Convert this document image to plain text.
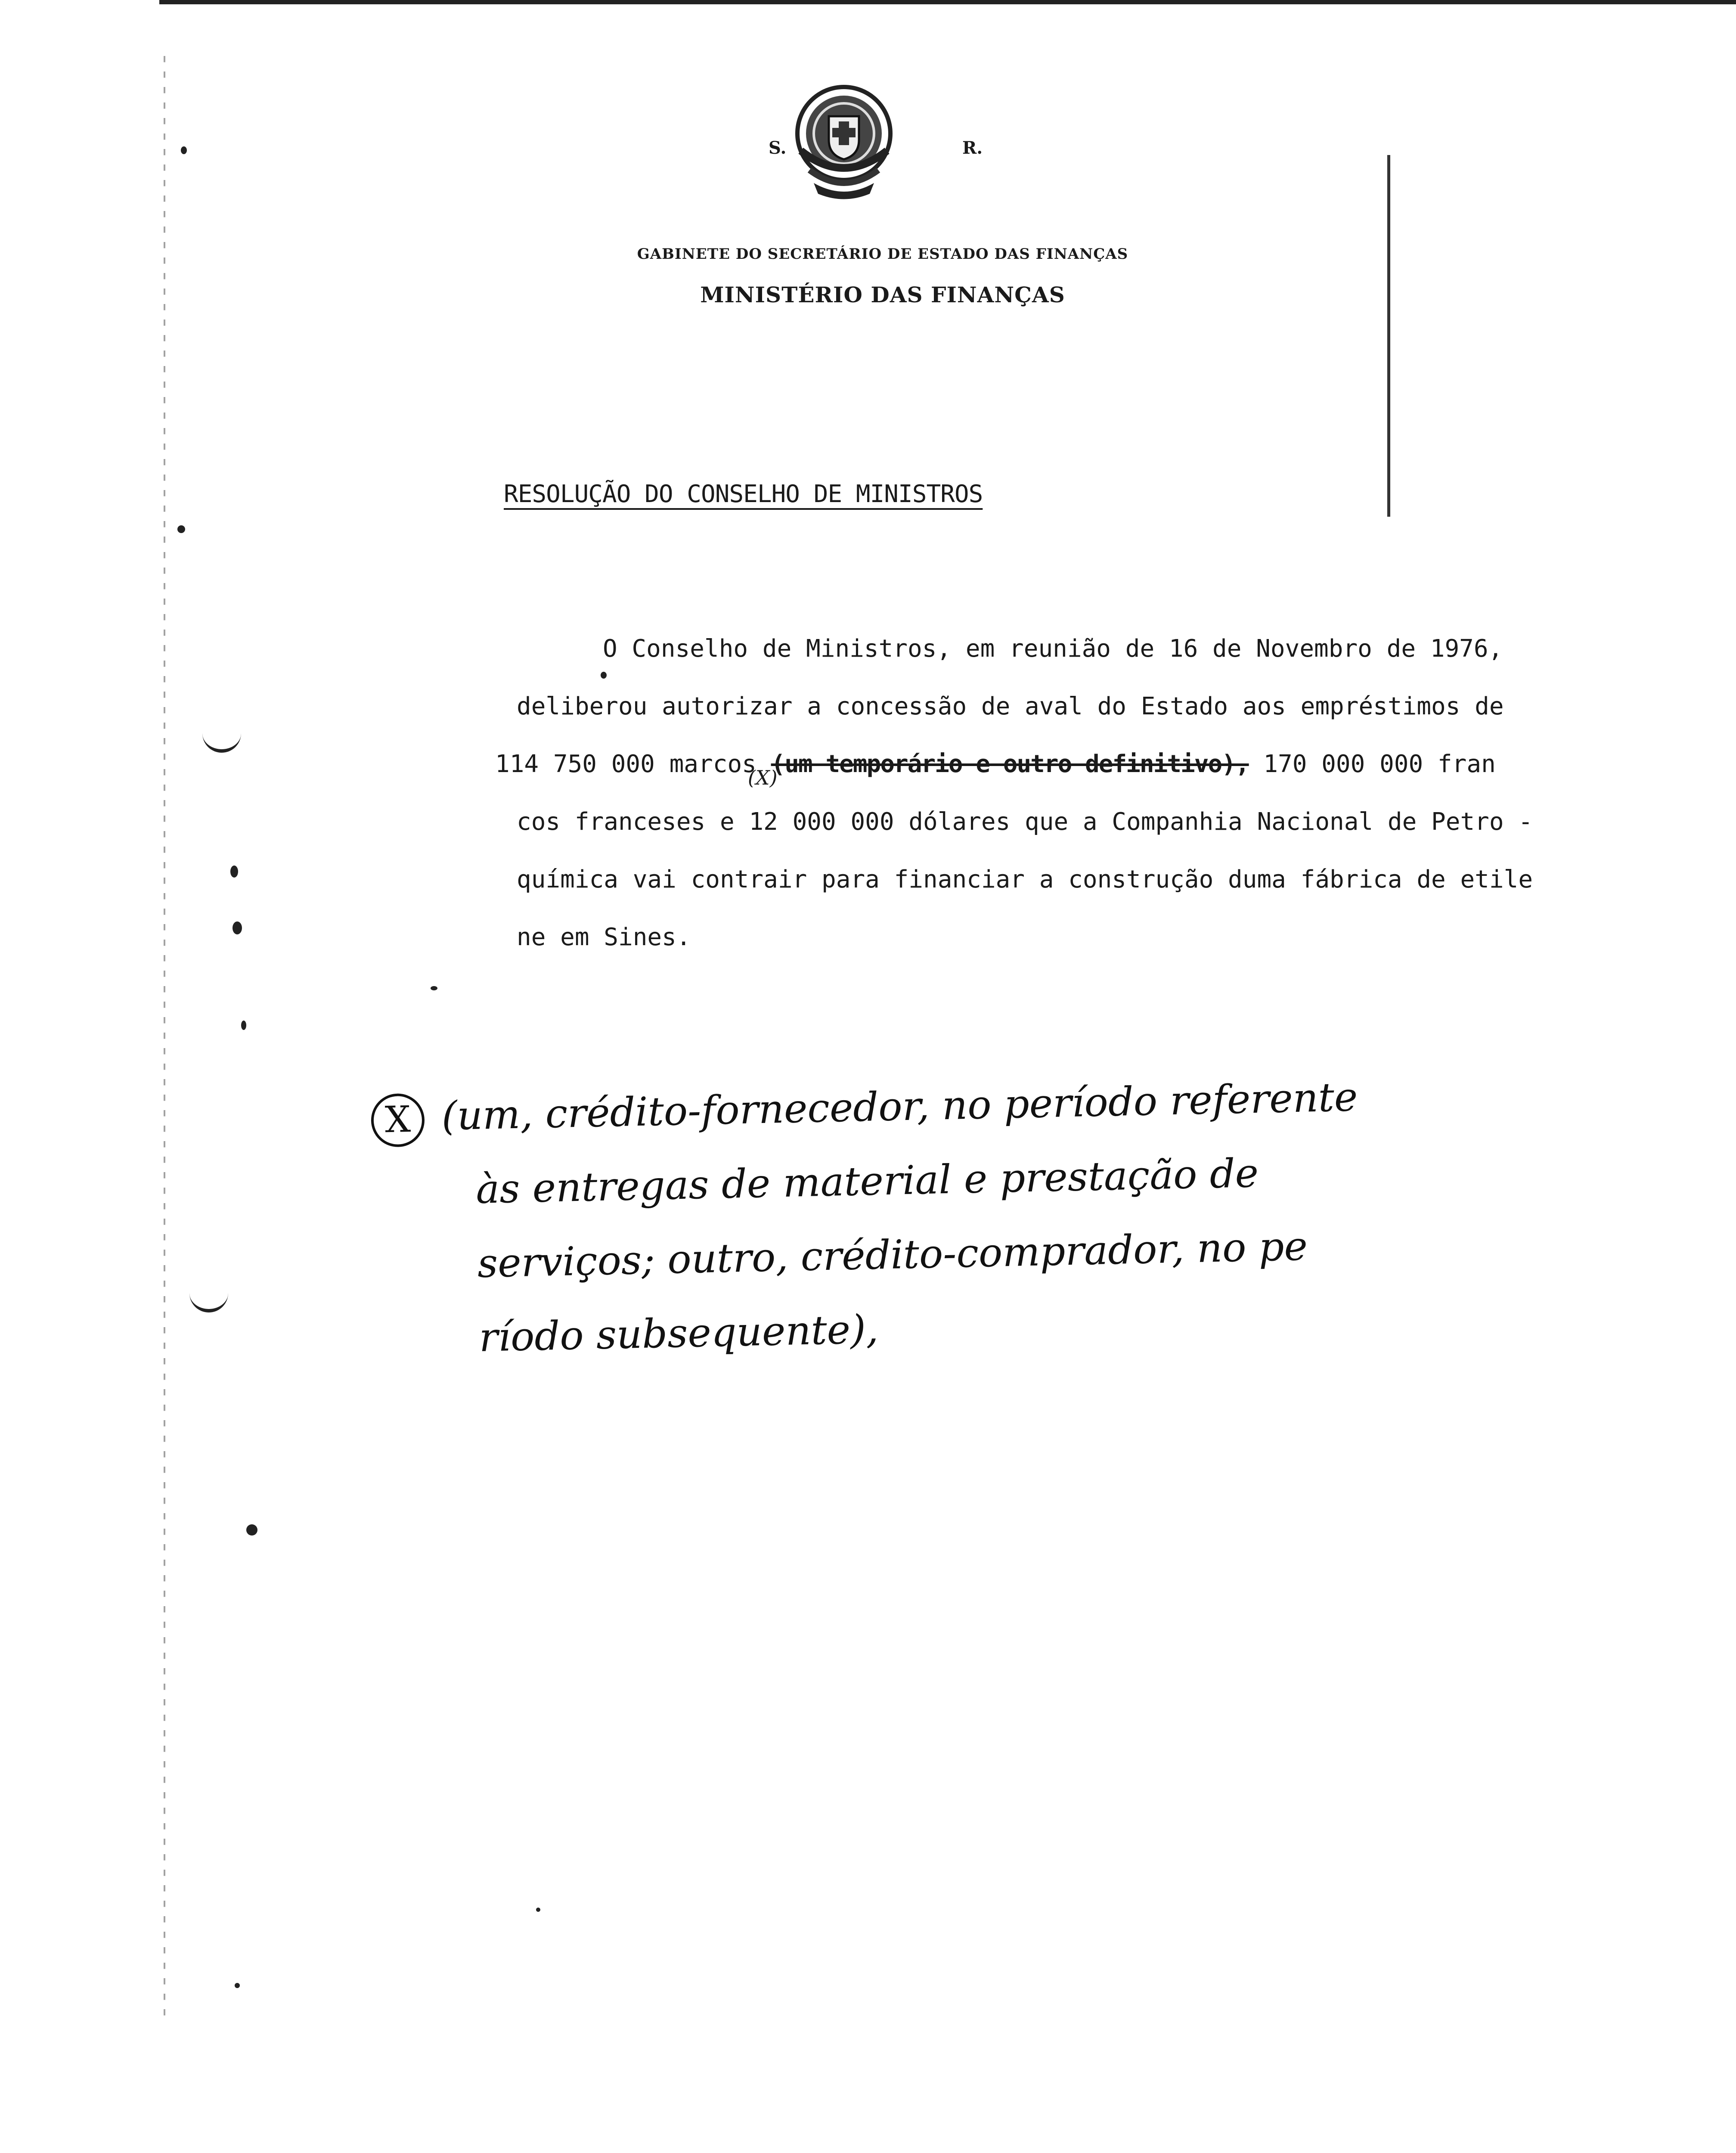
S.	R.
MINISTÉRIO DAS FINANÇAS
GABINETE DO SECRETÁRIO DE ESTADO DAS FINANÇAS
RESOLUÇÃO DO CONSELHO DE MINISTROS
O Conselho de Ministros, em reunião de 16 de Novembro de 1976,
deliberou autorizar a concessão de aval do Estado aos empréstimos de
114 750 000 marcos (um temporário e outro definitivo), 170 000 000 fran
cos franceses e 12 000 000 dólares que a Companhia Nacional de Petro -
química vai contrair para financiar a construção duma fábrica de etile
ne em Sines.
X (um, crédito-fornecedor, no período referente
às entregas de material e prestação de
serviços; outro, crédito-comprador, no pe
ríodo subsequente),
